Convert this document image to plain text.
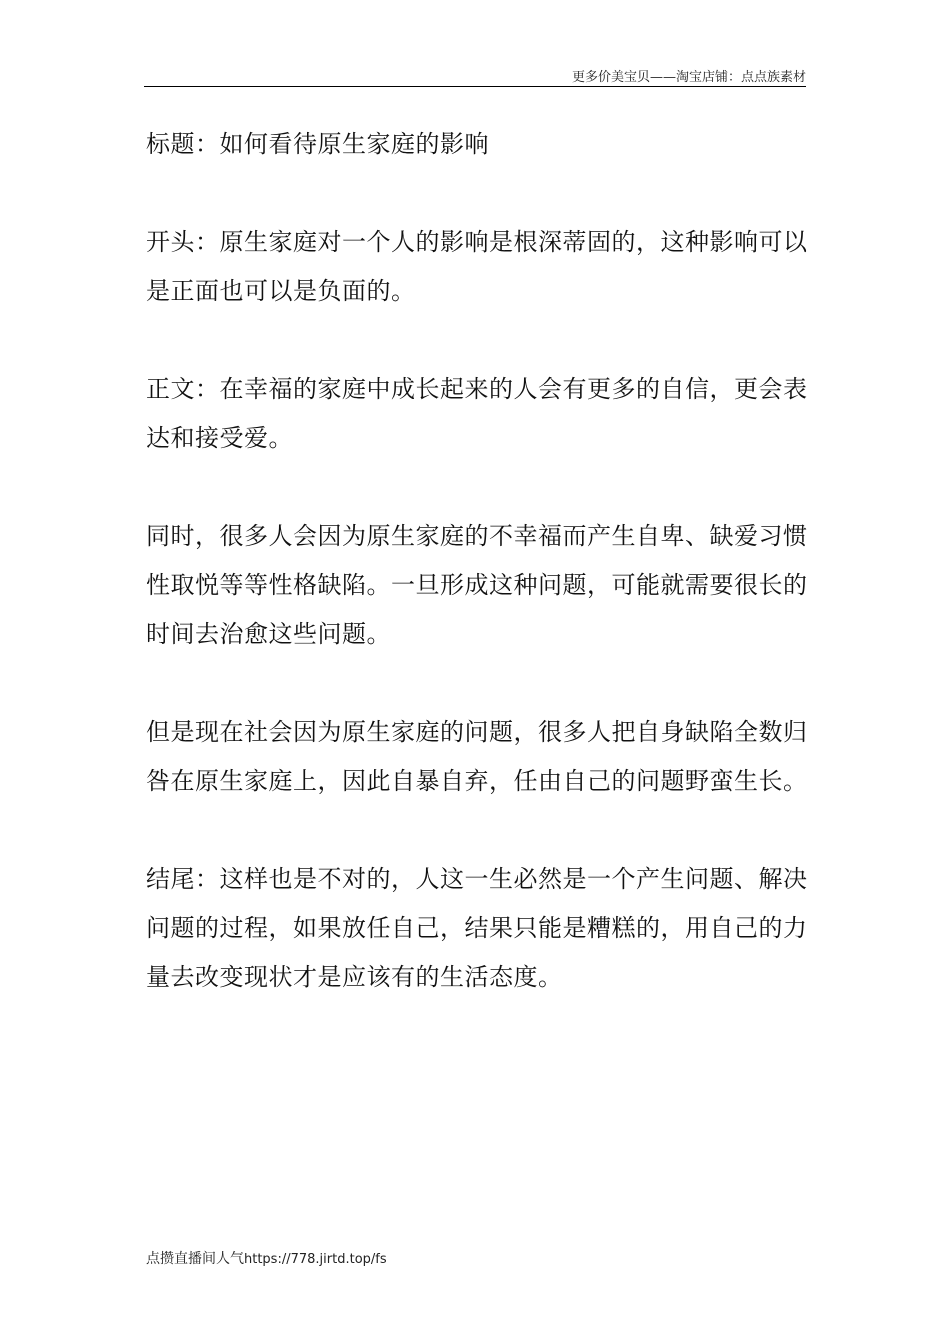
更多价美宝贝——淘宝店铺：点点族素材

标题：如何看待原生家庭的影响

开头：原生家庭对一个人的影响是根深蒂固的，这种影响可以是正面也可以是负面的。

正文：在幸福的家庭中成长起来的人会有更多的自信，更会表达和接受爱。

同时，很多人会因为原生家庭的不幸福而产生自卑、缺爱习惯性取悦等等性格缺陷。一旦形成这种问题，可能就需要很长的时间去治愈这些问题。

但是现在社会因为原生家庭的问题，很多人把自身缺陷全数归咎在原生家庭上，因此自暴自弃，任由自己的问题野蛮生长。

结尾：这样也是不对的，人这一生必然是一个产生问题、解决问题的过程，如果放任自己，结果只能是糟糕的，用自己的力量去改变现状才是应该有的生活态度。

点攒直播间人气https://778.jirtd.top/fs
